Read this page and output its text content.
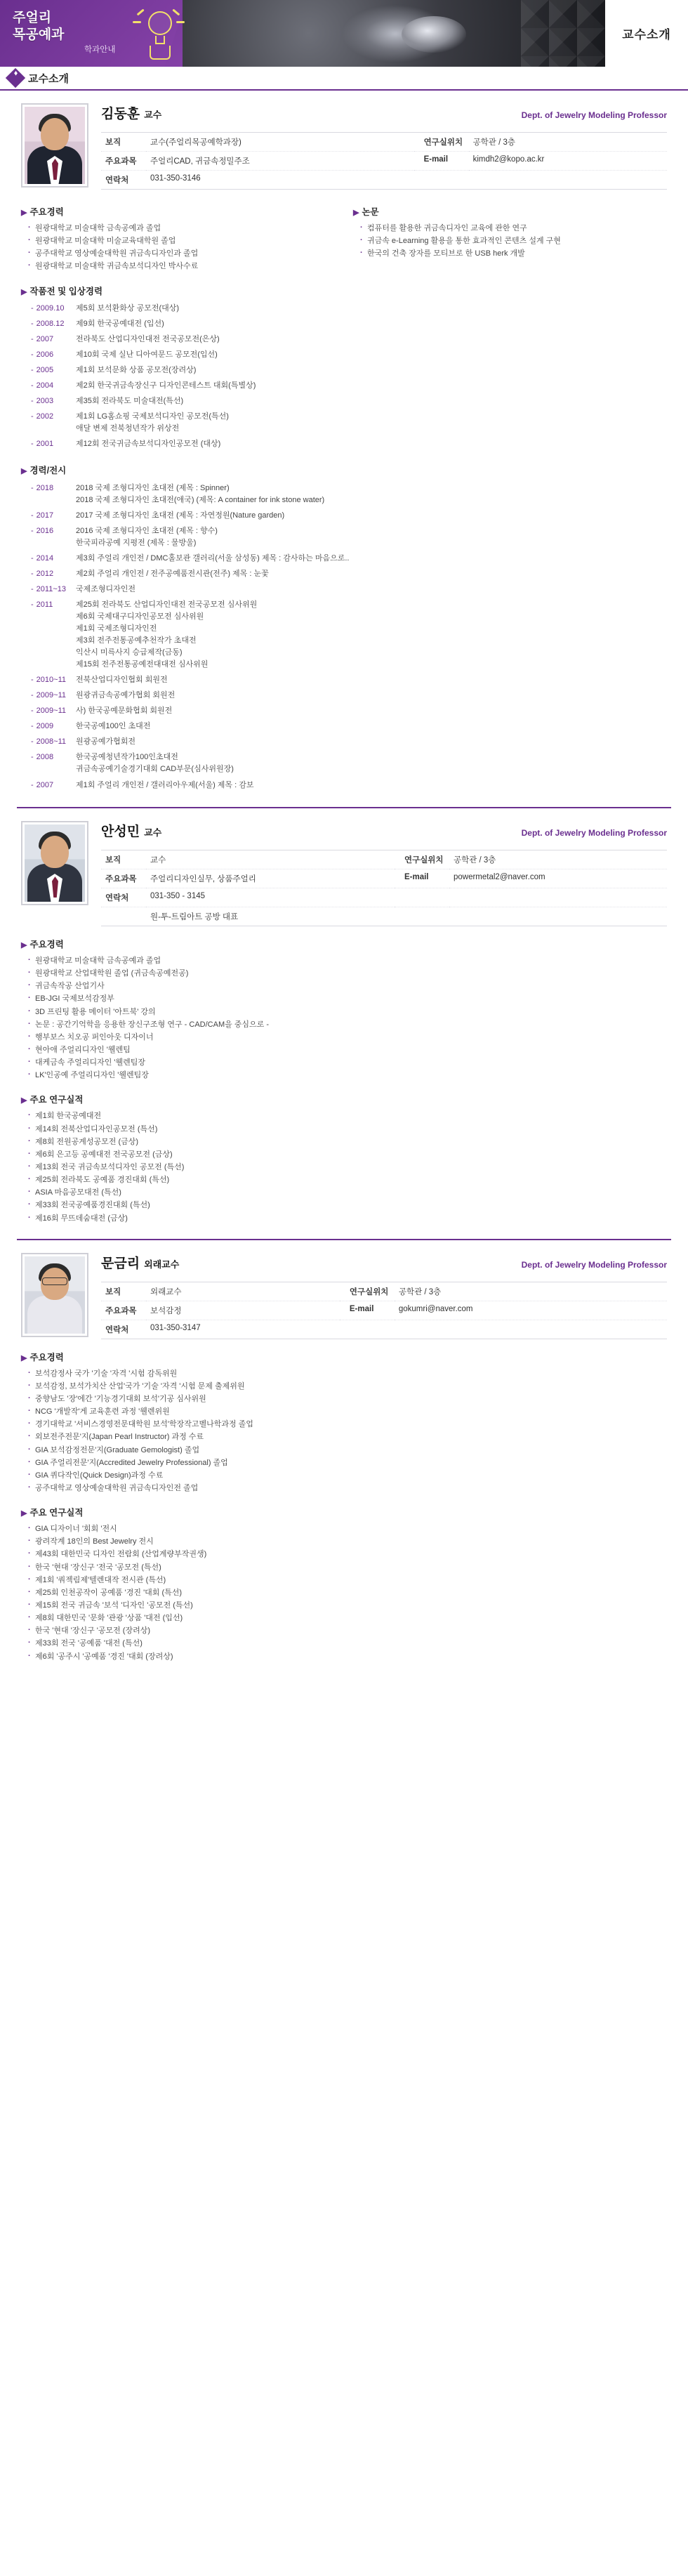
주얼리
목공예과
학과안내
교수소개
♦
교수소개
김동훈 교수	Dept. of Jewelry Modeling Professor
보직	교수(주얼리목공예학과장)	연구실위치	공학관 / 3층
주요과목	주얼리CAD, 귀금속정밀주조	E-mail	kimdh2@kopo.ac.kr
연락처	031-350-3146		
▶ 주요경력
· 원광대학교 미술대학 금속공예과 졸업
· 원광대학교 미술대학 미술교육대학원 졸업
· 공주대학교 영상예술대학원 귀금속디자인과 졸업
· 원광대학교 미술대학 귀금속보석디자인 박사수료
▶ 논문
· 컴퓨터를 활용한 귀금속디자인 교육에 관한 연구
· 귀금속 e-Learning 활용을 통한 효과적인 콘텐츠 설계 구현
· 한국의 건축 장자를 모티브로 한 USB herk 개발
▶ 작품전 및 입상경력
- 2009.10	제5회 보석환화상 공모전(대상)

- 2008.12	제9회 한국공예대전 (입선)

- 2007	전라북도 산업디자인대전 전국공모전(은상)

- 2006	제10회 국제 실난 디아여문드 공모전(입선)

- 2005	제1회 보석문화 상품 공모전(장려상)

- 2004	제2회 한국귀금속장신구 디자인콘테스트 대회(특별상)

- 2003	제35회 전라북도 미술대전(특선)

- 2002	제1회 LG홈쇼핑 국제보석디자인 공모전(특선)
애달 변제 전북청년작가 위상전

- 2001	제12회 전국귀금속보석디자인공모전 (대상)
▶ 경력/전시
- 2018	2018 국제 조형디자인 초대전 (제목 : Spinner)
2018 국제 조형디자인 초대전(애국) (제목: A container for ink stone water)

- 2017	2017 국제 조형디자인 초대전 (제목 : 자연정원(Nature garden)

- 2016	2016 국제 조형디자인 초대전 (제목 : 향수)
한국피라공예 지평전 (제목 : 물방울)

- 2014	제3회 주얼리 개인전 / DMC홀보관 갤러리(서울 삼성동) 제목 : 감사하는 마음으로..

- 2012	제2회 주얼리 개인전 / 전주공예품전시관(전주) 제목 : 눈꽃

- 2011~13	국제조형디자인전

- 2011	제25회 전라북도 산업디자인대전 전국공모전 심사위원
제6회 국제대구디자인공모전 심사위원
제1회 국제조형디자인전
제3회 전주전통공예추천작가 초대전
익산시 미륵사지 승급제작(금동)
제15회 전주전통공예전대대전 심사위원

- 2010~11	전북산업디자인협회 회원전

- 2009~11	원광귀금속공예가협회 회원전

- 2009~11	사) 한국공예문화협회 회원전

- 2009	한국공예100인 초대전

- 2008~11	원광공예가협회전

- 2008	한국공예청년작가100인초대전
귀금속공예기술경기대회 CAD부문(심사위원장)

- 2007	제1회 주얼리 개인전 / 갤러리아우제(서울) 제목 : 감보
안성민 교수	Dept. of Jewelry Modeling Professor
보직	교수	연구실위치	공학관 / 3층
주요과목	주얼리디자인실무, 상품주얼리	E-mail	powermetal2@naver.com
연락처	031-350 - 3145		
	원-투-트림아트 공방 대표		
▶ 주요경력
· 원광대학교 미술대학 금속공예과 졸업
· 원광대학교 산업대학원 졸업 (귀금속공예전공)
· 귀금속작공 산업기사
· EB-JGI 국제보석감정부
· 3D 프린팅 활용 메이터 '아트북' 강의
· 논문 : 공간기억학을 응용한 장신구조형 연구 - CAD/CAM을 중심으로 -
· 행부보스 치오공 퍼인아웃 디자이너
· 현아애 주얼리디자인 '웰렌팀
· 대케금속 주얼리디자인 '웰렌팀장
· LK'인공예 주얼리디자인 '웰렌팀장
▶ 주요 연구실적
· 제1회 한국공예대전
· 제14회 전북산업디자인공모전 (특선)
· 제8회 전원공계성공모전 (금상)
· 제6회 은고등 공예대전 전국공모전 (금상)
· 제13회 전국 귀금속보석디자인 공모전 (특선)
· 제25회 전라북도 공예품 경진대회 (특선)
· ASIA 마음공모대전 (특선)
· 제33회 전국공예품경진대회 (특선)
· 제16회 무뜨데숨대전 (금상)
문금리 외래교수	Dept. of Jewelry Modeling Professor
보직	외래교수	연구실위치	공학관 / 3층
주요과목	보석감정	E-mail	gokumri@naver.com
연락처	031-350-3147		
▶ 주요경력
· 보석감정사 국가 '기술 '자격 '시험 감독위원
· 보석감정, 보석가치산 산업'국가 '기술 '자격 '시험 문제 출제위원
· 중향남도 '장'에간 '기능경기대회 보석'기공 심사위원
· NCG '개발작'게 교육훈련 과정 '웰렌위원
· 경기대학교 '서비스경영전문대학원 보석'학장작고벨나학과정 졸업
· 외보전주전문'지(Japan Pearl Instructor) 과정 수료
· GIA 보석감정전문'지(Graduate Gemologist) 졸업
· GIA 주얼리전문'지(Accredited Jewelry Professional) 졸업
· GIA 퀴다작인(Quick Design)과정 수료
· 공주대학교 영상예술대학원 귀금속디자인전 졸업
▶ 주요 연구실적
· GIA 디자이너 '회회 '전시
· 광려작계 18인의 Best Jewelry 전시
· 제43회 대한민국 디자인 전람회 (산업계량부작권생)
· 한국 '현대 '장신구 '전국 '공모전 (특선)
· 제1회 '쿼젝림제'텔렌대작 전시관 (특선)
· 제25회 인천공작이 공예품 '경진 '대회 (특선)
· 제15회 전국 귀금속 '보석 '디자인 '공모전 (특선)
· 제8회 대한민국 '문화 '관광 '상품 '대전 (입선)
· 한국 '현대 '장신구 '공모전 (장려상)
· 제33회 전국 '공예품 '대전 (특선)
· 제6회 '공주시 '공예품 '경진 '대회 (장려상)
